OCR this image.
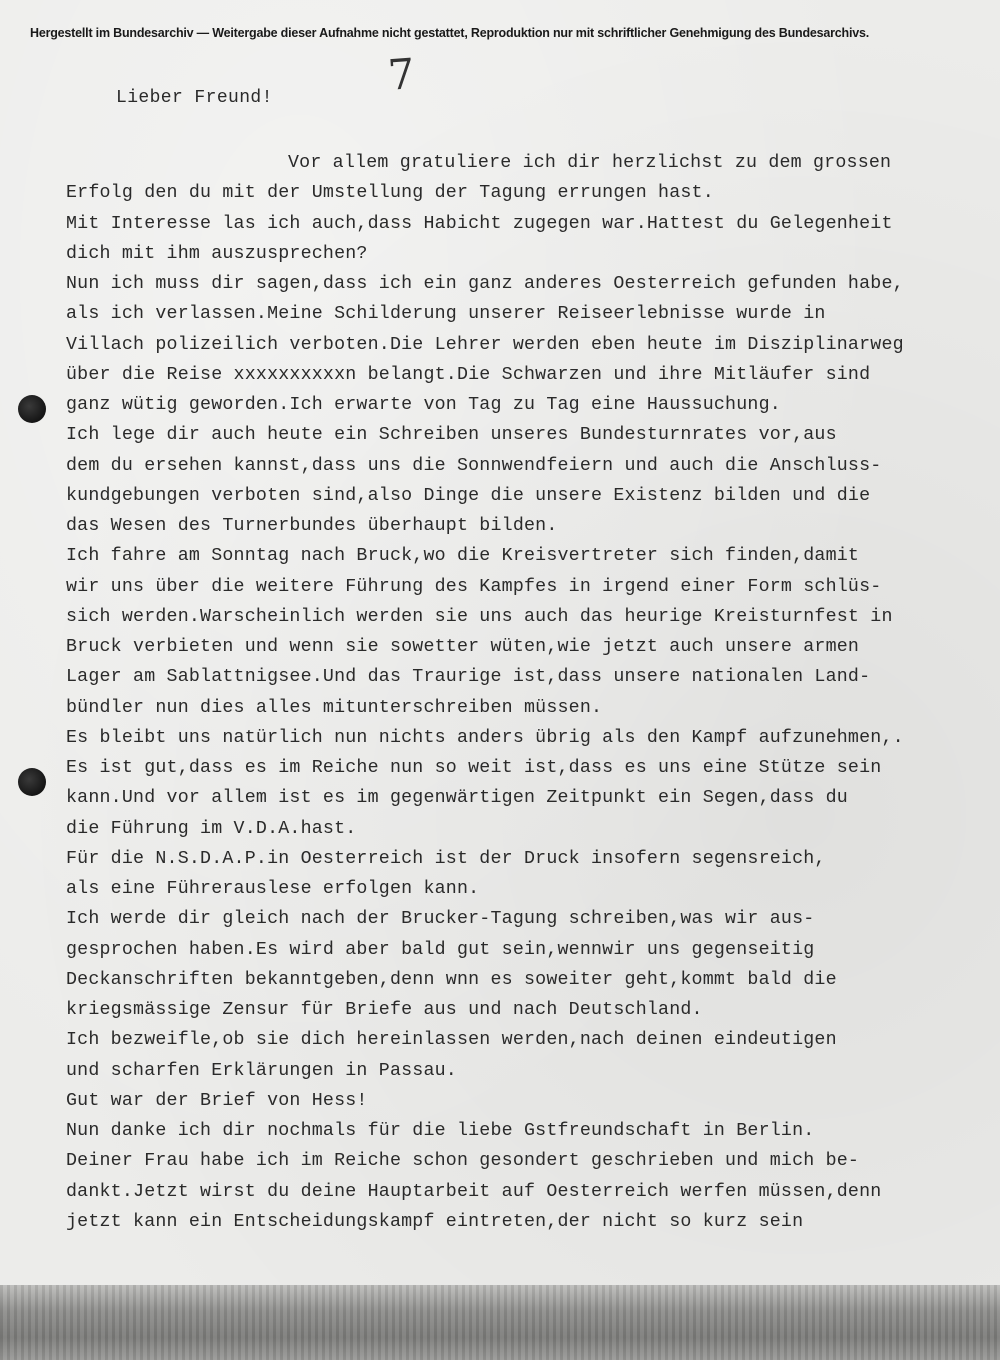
Hergestellt im Bundesarchiv — Weitergabe dieser Aufnahme nicht gestattet, Reproduktion nur mit schriftlicher Genehmigung des Bundesarchivs.
7
Lieber Freund!
Vor allem gratuliere ich dir herzlichst zu dem grossen
Erfolg den du mit der Umstellung der Tagung errungen hast.
Mit Interesse las ich auch,dass Habicht zugegen war.Hattest du Gelegenheit
dich mit ihm auszusprechen?
Nun ich muss dir sagen,dass ich ein ganz anderes Oesterreich gefunden habe,
als ich verlassen.Meine Schilderung unserer Reiseerlebnisse wurde in
Villach polizeilich verboten.Die Lehrer werden eben heute im Disziplinarweg
über die Reise xxxxxxxxxxn belangt.Die Schwarzen und ihre Mitläufer sind
ganz wütig geworden.Ich erwarte von Tag zu Tag eine Haussuchung.
Ich lege dir auch heute ein Schreiben unseres Bundesturnrates vor,aus
dem du ersehen kannst,dass uns die Sonnwendfeiern und auch die Anschluss-
kundgebungen verboten sind,also Dinge die unsere Existenz bilden und die
das Wesen des Turnerbundes überhaupt bilden.
Ich fahre am Sonntag nach Bruck,wo die Kreisvertreter sich finden,damit
wir uns über die weitere Führung des Kampfes in irgend einer Form schlüs-
sich werden.Warscheinlich werden sie uns auch das heurige Kreisturnfest in
Bruck verbieten und wenn sie sowetter wüten,wie jetzt auch unsere armen
Lager am Sablattnigsee.Und das Traurige ist,dass unsere nationalen Land-
bündler nun dies alles mitunterschreiben müssen.
Es bleibt uns natürlich nun nichts anders übrig als den Kampf aufzunehmen,.
Es ist gut,dass es im Reiche nun so weit ist,dass es uns eine Stütze sein
kann.Und vor allem ist es im gegenwärtigen Zeitpunkt ein Segen,dass du
die Führung im V.D.A.hast.
Für die N.S.D.A.P.in Oesterreich ist der Druck insofern segensreich,
als eine Führerauslese erfolgen kann.
Ich werde dir gleich nach der Brucker-Tagung schreiben,was wir aus-
gesprochen haben.Es wird aber bald gut sein,wennwir uns gegenseitig
Deckanschriften bekanntgeben,denn wnn es soweiter geht,kommt bald die
kriegsmässige Zensur für Briefe aus und nach Deutschland.
Ich bezweifle,ob sie dich hereinlassen werden,nach deinen eindeutigen
und scharfen Erklärungen in Passau.
Gut war der Brief von Hess!
Nun danke ich dir nochmals für die liebe Gstfreundschaft in Berlin.
Deiner Frau habe ich im Reiche schon gesondert geschrieben und mich be-
dankt.Jetzt wirst du deine Hauptarbeit auf Oesterreich werfen müssen,denn
jetzt kann ein Entscheidungskampf eintreten,der nicht so kurz sein
